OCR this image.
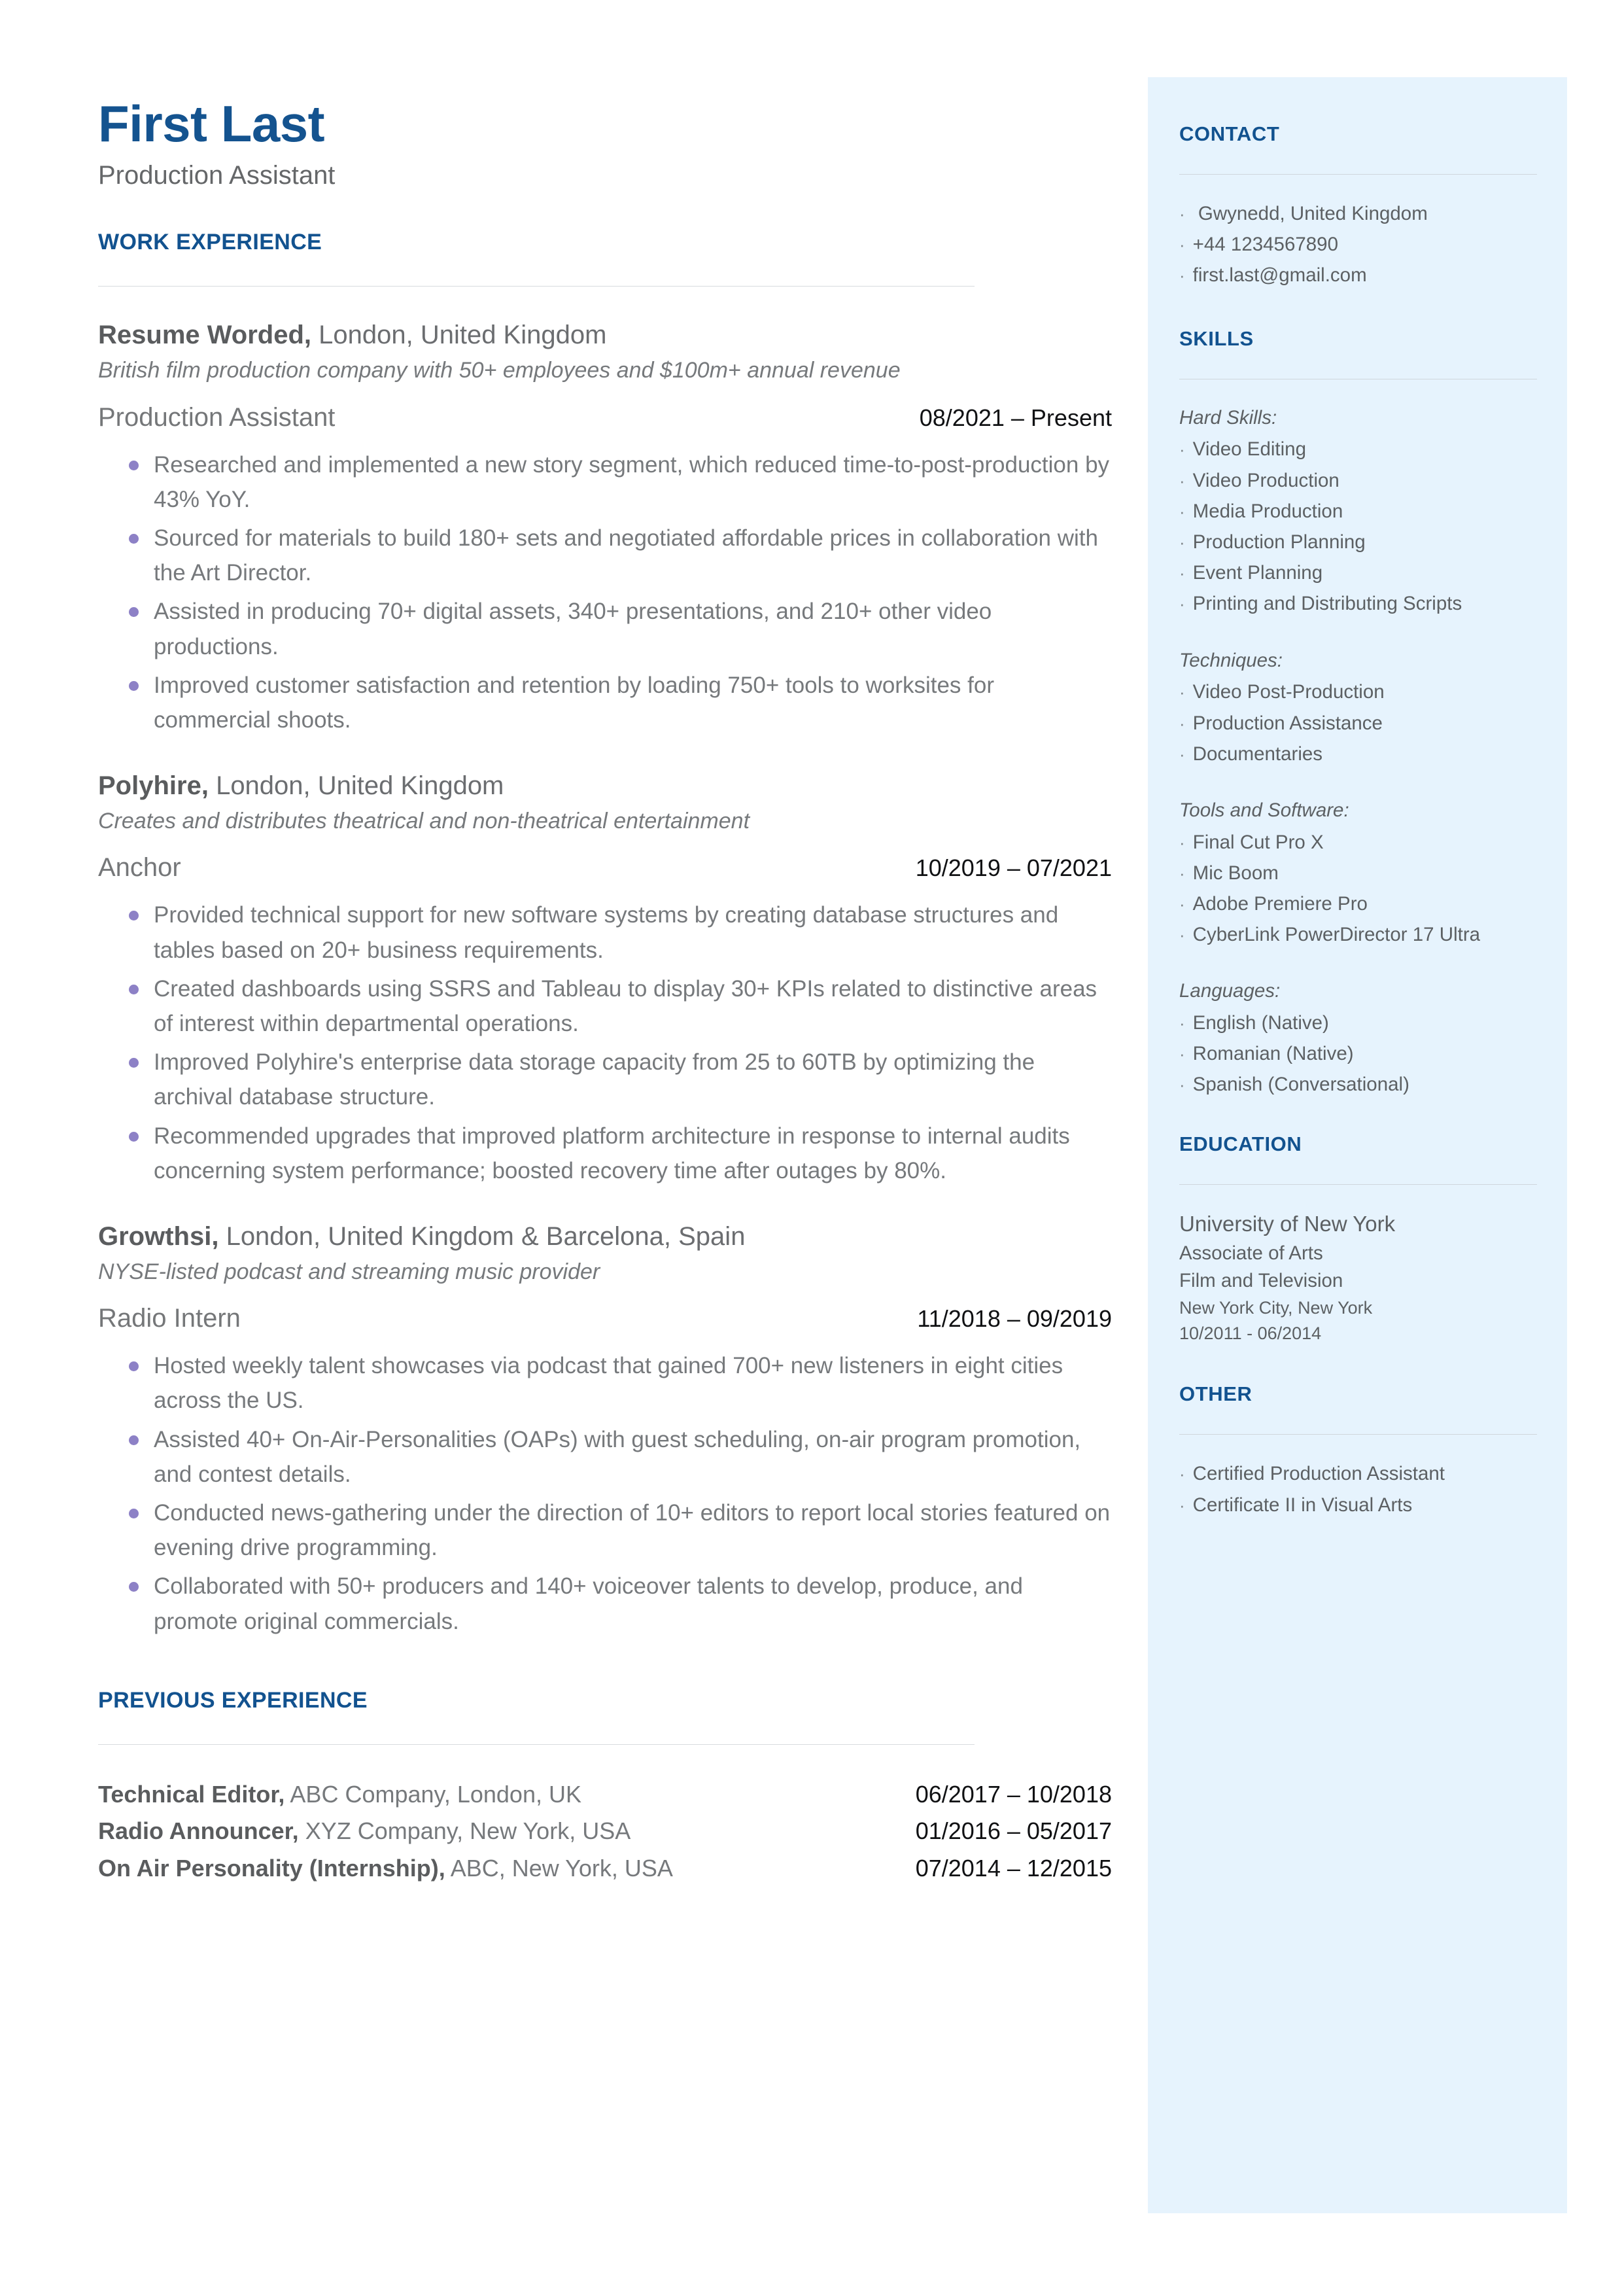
CONTACT
· Gwynedd, United Kingdom
· +44 1234567890
· first.last@gmail.com
SKILLS
Hard Skills:
· Video Editing
· Video Production
· Media Production
· Production Planning
· Event Planning
· Printing and Distributing Scripts
Techniques:
· Video Post-Production
· Production Assistance
· Documentaries
Tools and Software:
· Final Cut Pro X
· Mic Boom
· Adobe Premiere Pro
· CyberLink PowerDirector 17 Ultra
Languages:
· English (Native)
· Romanian (Native)
· Spanish (Conversational)
EDUCATION
University of New York
Associate of Arts
Film and Television
New York City, New York
10/2011 - 06/2014
OTHER
· Certified Production Assistant
· Certificate II in Visual Arts
First Last
Production Assistant
WORK EXPERIENCE
Resume Worded, London, United Kingdom
British film production company with 50+ employees and $100m+ annual revenue
Production Assistant	08/2021 – Present
Researched and implemented a new story segment, which reduced time-to-post-production by 43% YoY.
Sourced for materials to build 180+ sets and negotiated affordable prices in collaboration with the Art Director.
Assisted in producing 70+ digital assets, 340+ presentations, and 210+ other video productions.
Improved customer satisfaction and retention by loading 750+ tools to worksites for commercial shoots.
Polyhire, London, United Kingdom
Creates and distributes theatrical and non-theatrical entertainment
Anchor	10/2019 – 07/2021
Provided technical support for new software systems by creating database structures and tables based on 20+ business requirements.
Created dashboards using SSRS and Tableau to display 30+ KPIs related to distinctive areas of interest within departmental operations.
Improved Polyhire's enterprise data storage capacity from 25 to 60TB by optimizing the archival database structure.
Recommended upgrades that improved platform architecture in response to internal audits concerning system performance; boosted recovery time after outages by 80%.
Growthsi, London, United Kingdom & Barcelona, Spain
NYSE-listed podcast and streaming music provider
Radio Intern	11/2018 – 09/2019
Hosted weekly talent showcases via podcast that gained 700+ new listeners in eight cities across the US.
Assisted 40+ On-Air-Personalities (OAPs) with guest scheduling, on-air program promotion, and contest details.
Conducted news-gathering under the direction of 10+ editors to report local stories featured on evening drive programming.
Collaborated with 50+ producers and 140+ voiceover talents to develop, produce, and promote original commercials.
PREVIOUS EXPERIENCE
Technical Editor, ABC Company, London, UK	06/2017 – 10/2018
Radio Announcer, XYZ Company, New York, USA	01/2016 – 05/2017
On Air Personality (Internship), ABC, New York, USA	07/2014 – 12/2015
